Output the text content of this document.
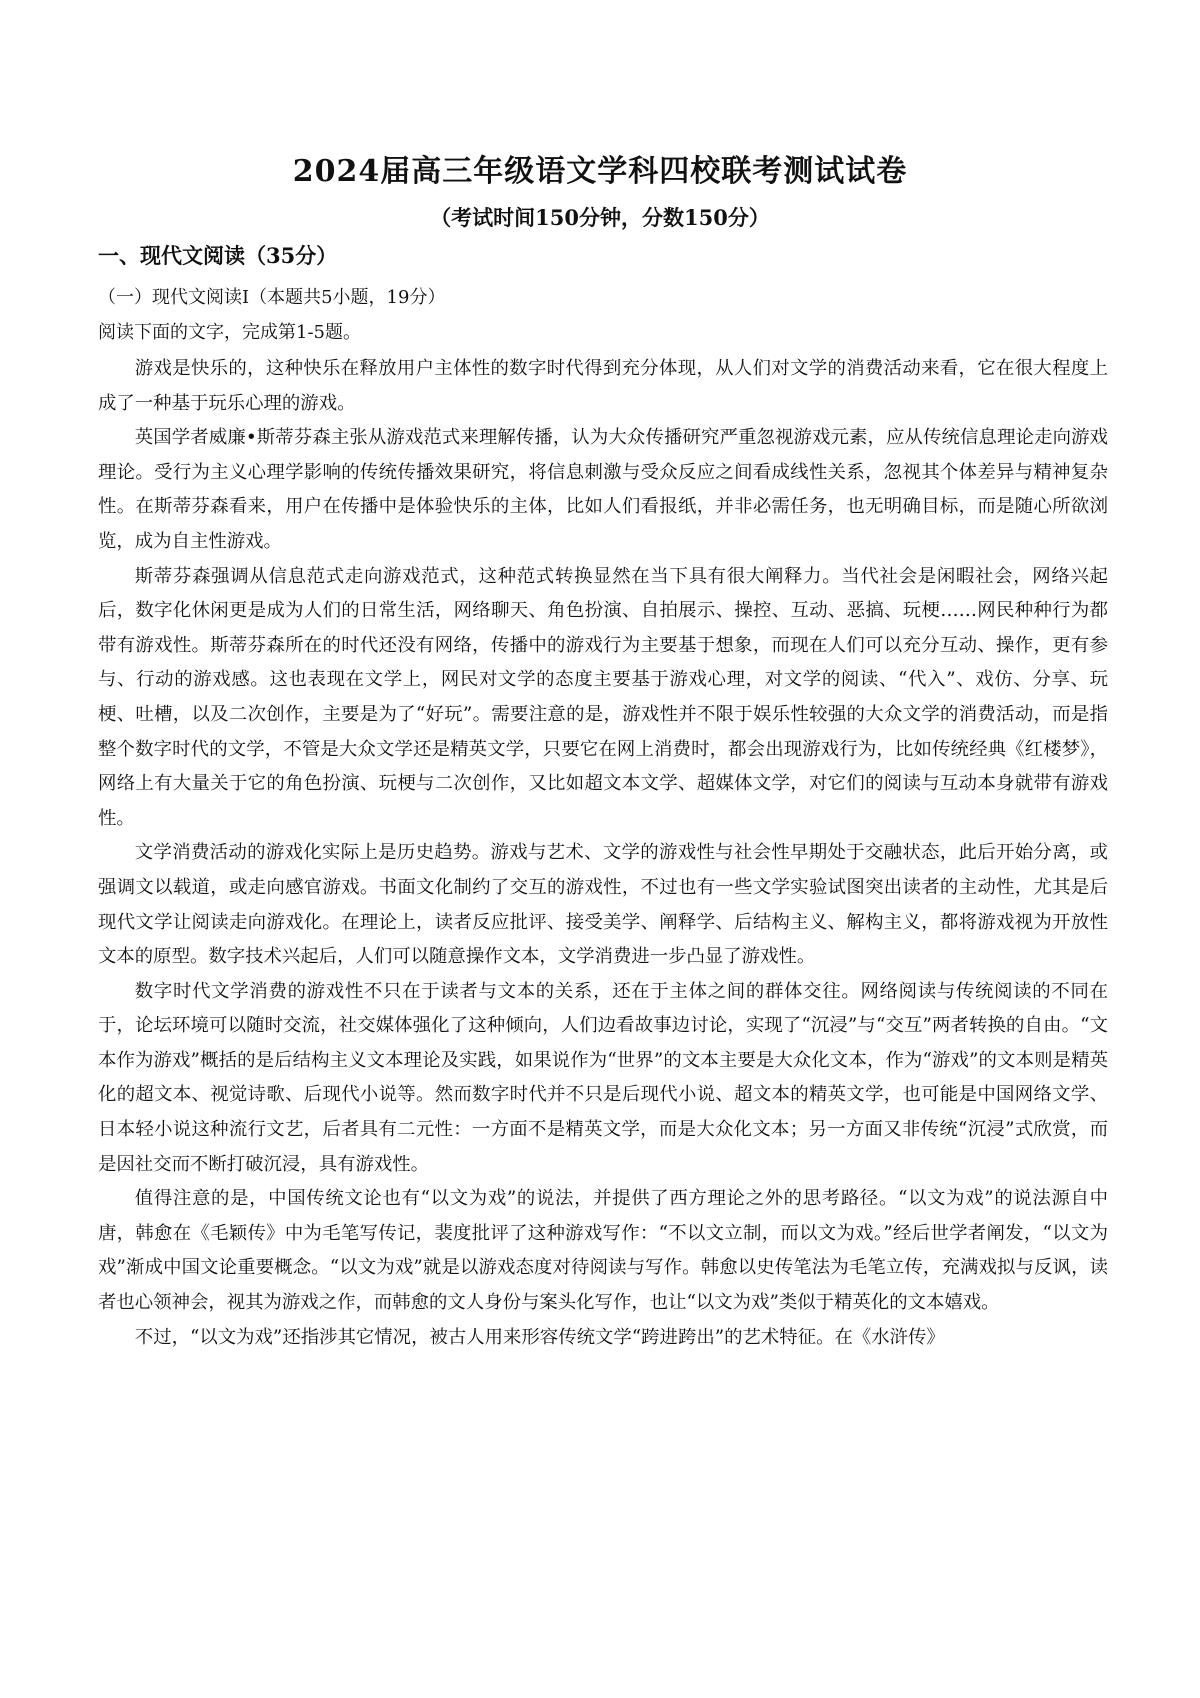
2024届高三年级语文学科四校联考测试试卷
（考试时间150分钟，分数150分）
一、现代文阅读（35分）
（一）现代文阅读Ⅰ（本题共5小题，19分）
阅读下面的文字，完成第1-5题。

游戏是快乐的，这种快乐在释放用户主体性的数字时代得到充分体现，从人们对文学的消费活动来看，它在很大程度上成了一种基于玩乐心理的游戏。

英国学者威廉•斯蒂芬森主张从游戏范式来理解传播，认为大众传播研究严重忽视游戏元素，应从传统信息理论走向游戏理论。受行为主义心理学影响的传统传播效果研究，将信息刺激与受众反应之间看成线性关系，忽视其个体差异与精神复杂性。在斯蒂芬森看来，用户在传播中是体验快乐的主体，比如人们看报纸，并非必需任务，也无明确目标，而是随心所欲浏览，成为自主性游戏。

斯蒂芬森强调从信息范式走向游戏范式，这种范式转换显然在当下具有很大阐释力。当代社会是闲暇社会，网络兴起后，数字化休闲更是成为人们的日常生活，网络聊天、角色扮演、自拍展示、操控、互动、恶搞、玩梗……网民种种行为都带有游戏性。斯蒂芬森所在的时代还没有网络，传播中的游戏行为主要基于想象，而现在人们可以充分互动、操作，更有参与、行动的游戏感。这也表现在文学上，网民对文学的态度主要基于游戏心理，对文学的阅读、“代入”、戏仿、分享、玩梗、吐槽，以及二次创作，主要是为了“好玩”。需要注意的是，游戏性并不限于娱乐性较强的大众文学的消费活动，而是指整个数字时代的文学，不管是大众文学还是精英文学，只要它在网上消费时，都会出现游戏行为，比如传统经典《红楼梦》，网络上有大量关于它的角色扮演、玩梗与二次创作，又比如超文本文学、超媒体文学，对它们的阅读与互动本身就带有游戏性。

文学消费活动的游戏化实际上是历史趋势。游戏与艺术、文学的游戏性与社会性早期处于交融状态，此后开始分离，或强调文以载道，或走向感官游戏。书面文化制约了交互的游戏性，不过也有一些文学实验试图突出读者的主动性，尤其是后现代文学让阅读走向游戏化。在理论上，读者反应批评、接受美学、阐释学、后结构主义、解构主义，都将游戏视为开放性文本的原型。数字技术兴起后，人们可以随意操作文本，文学消费进一步凸显了游戏性。

数字时代文学消费的游戏性不只在于读者与文本的关系，还在于主体之间的群体交往。网络阅读与传统阅读的不同在于，论坛环境可以随时交流，社交媒体强化了这种倾向，人们边看故事边讨论，实现了“沉浸”与“交互”两者转换的自由。“文本作为游戏”概括的是后结构主义文本理论及实践，如果说作为“世界”的文本主要是大众化文本，作为“游戏”的文本则是精英化的超文本、视觉诗歌、后现代小说等。然而数字时代并不只是后现代小说、超文本的精英文学，也可能是中国网络文学、日本轻小说这种流行文艺，后者具有二元性：一方面不是精英文学，而是大众化文本；另一方面又非传统“沉浸”式欣赏，而是因社交而不断打破沉浸，具有游戏性。

值得注意的是，中国传统文论也有“以文为戏”的说法，并提供了西方理论之外的思考路径。“以文为戏”的说法源自中唐，韩愈在《毛颖传》中为毛笔写传记，裴度批评了这种游戏写作：“不以文立制，而以文为戏。”经后世学者阐发，“以文为戏”渐成中国文论重要概念。“以文为戏”就是以游戏态度对待阅读与写作。韩愈以史传笔法为毛笔立传，充满戏拟与反讽，读者也心领神会，视其为游戏之作，而韩愈的文人身份与案头化写作，也让“以文为戏”类似于精英化的文本嬉戏。

不过，“以文为戏”还指涉其它情况，被古人用来形容传统文学“跨进跨出”的艺术特征。在《水浒传》
